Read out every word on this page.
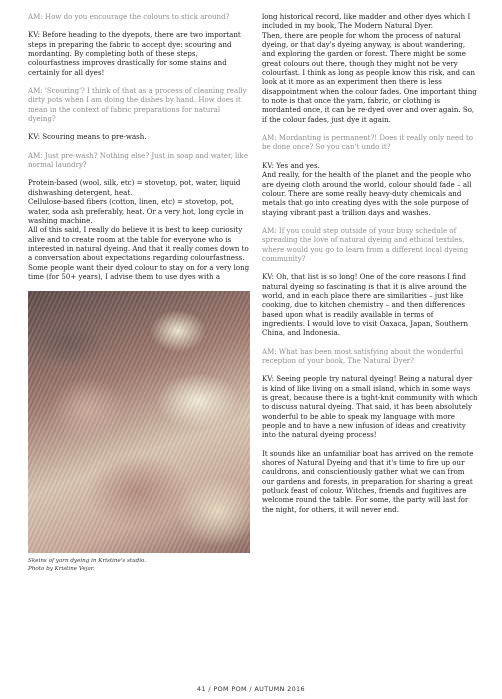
AM: How do you encourage the colours to stick around?

KV: Before heading to the dyepots, there are two important steps in preparing the fabric to accept dye: scouring and mordanting. By completing both of these steps, colourfastness improves drastically for some stains and certainly for all dyes!

AM: 'Scouring'? I think of that as a process of cleaning really dirty pots when I am doing the dishes by hand. How does it mean in the context of fabric preparations for natural dyeing?

KV: Scouring means to pre-wash.

AM: Just pre-wash? Nothing else? Just in soap and water, like normal laundry?

Protein-based (wool, silk, etc) = stovetop, pot, water, liquid dishwashing detergent, heat.

Cellulose-based fibers (cotton, linen, etc) = stovetop, pot, water, soda ash preferably, heat. Or a very hot, long cycle in washing machine.

All of this said, I really do believe it is best to keep curiosity alive and to create room at the table for everyone who is interested in natural dyeing. And that it really comes down to a conversation about expectations regarding colourfastness.

Some people want their dyed colour to stay on for a very long time (for 50+ years), I advise them to use dyes with a

Skeins of yarn dyeing in Kristine's studio.
Photo by Kristine Vejar.

long historical record, like madder and other dyes which I included in my book, The Modern Natural Dyer.

Then, there are people for whom the process of natural dyeing, or that day's dyeing anyway, is about wandering, and exploring the garden or forest. There might be some great colours out there, though they might not be very colourfast. I think as long as people know this risk, and can look at it more as an experiment then there is less disappointment when the colour fades. One important thing to note is that once the yarn, fabric, or clothing is mordanted once, it can be re-dyed over and over again. So, if the colour fades, just dye it again.

AM: Mordanting is permanent?! Does it really only need to be done once? So you can't undo it?

KV: Yes and yes.

And really, for the health of the planet and the people who are dyeing cloth around the world, colour should fade – all colour. There are some really heavy-duty chemicals and metals that go into creating dyes with the sole purpose of staying vibrant past a trillion days and washes.

AM: If you could step outside of your busy schedule of spreading the love of natural dyeing and ethical textiles, where would you go to learn from a different local dyeing community?

KV: Oh, that list is so long! One of the core reasons I find natural dyeing so fascinating is that it is alive around the world, and in each place there are similarities – just like cooking, due to kitchen chemistry – and then differences based upon what is readily available in terms of ingredients. I would love to visit Oaxaca, Japan, Southern China, and Indonesia.

AM: What has been most satisfying about the wonderful reception of your book, The Natural Dyer?

KV: Seeing people try natural dyeing! Being a natural dyer is kind of like living on a small island, which in some ways is great, because there is a tight-knit community with which to discuss natural dyeing. That said, it has been absolutely wonderful to be able to speak my language with more people and to have a new infusion of ideas and creativity into the natural dyeing process!

It sounds like an unfamiliar boat has arrived on the remote shores of Natural Dyeing and that it's time to fire up our cauldrons, and conscientiously gather what we can from our gardens and forests, in preparation for sharing a great potluck feast of colour. Witches, friends and fugitives are welcome round the table. For some, the party will last for the night, for others, it will never end.

41 / POM POM / AUTUMN 2016
